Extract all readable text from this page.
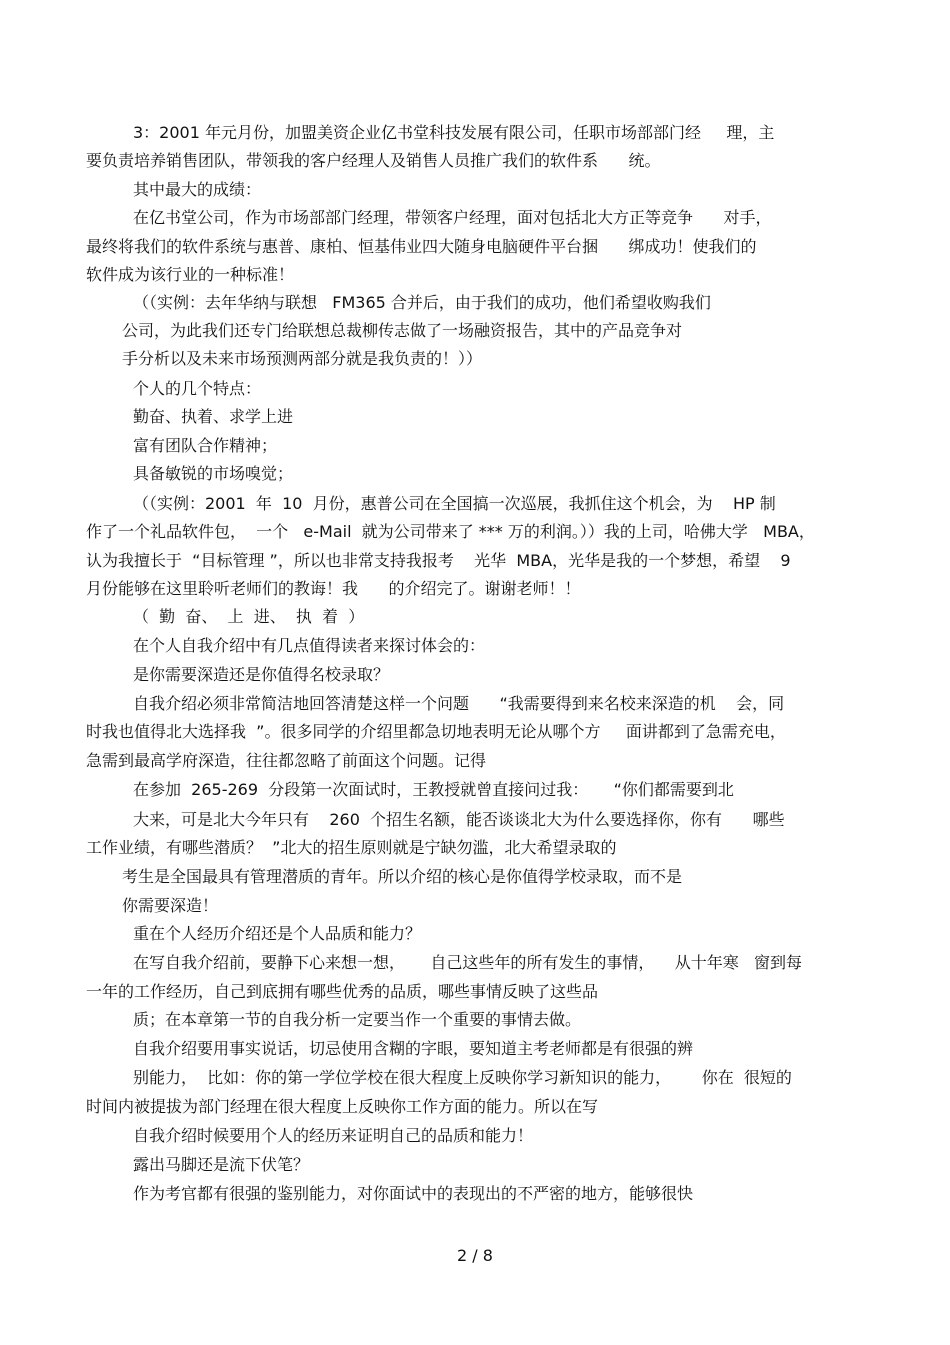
3：2001 年元月份，加盟美资企业亿书堂科技发展有限公司，任职市场部部门经     理，主
要负责培养销售团队，带领我的客户经理人及销售人员推广我们的软件系      统。
其中最大的成绩：
在亿书堂公司，作为市场部部门经理，带领客户经理，面对包括北大方正等竞争      对手，
最终将我们的软件系统与惠普、康柏、恒基伟业四大随身电脑硬件平台捆      绑成功！使我们的
软件成为该行业的一种标准！
（（实例：去年华纳与联想   FM365 合并后，由于我们的成功，他们希望收购我们
公司，为此我们还专门给联想总裁柳传志做了一场融资报告，其中的产品竞争对
手分析以及未来市场预测两部分就是我负责的！））
个人的几个特点：
勤奋、执着、求学上进
富有团队合作精神；
具备敏锐的市场嗅觉；
（（实例：2001  年  10  月份，惠普公司在全国搞一次巡展，我抓住这个机会，为    HP 制
作了一个礼品软件包，  一个   e-Mail  就为公司带来了 *** 万的利润。））我的上司，哈佛大学   MBA，
认为我擅长于  “目标管理 ”，所以也非常支持我报考    光华  MBA，光华是我的一个梦想，希望    9
月份能够在这里聆听老师们的教诲！我      的介绍完了。谢谢老师！！
（  勤  奋、  上  进、  执  着  ）
在个人自我介绍中有几点值得读者来探讨体会的：
是你需要深造还是你值得名校录取？
自我介绍必须非常简洁地回答清楚这样一个问题      “我需要得到来名校来深造的机    会，同
时我也值得北大选择我  ”。很多同学的介绍里都急切地表明无论从哪个方     面讲都到了急需充电，
急需到最高学府深造，往往都忽略了前面这个问题。记得
在参加  265-269  分段第一次面试时，王教授就曾直接问过我：     “你们都需要到北
大来，可是北大今年只有    260  个招生名额，能否谈谈北大为什么要选择你，你有      哪些
工作业绩，有哪些潜质？  ”北大的招生原则就是宁缺勿滥，北大希望录取的
考生是全国最具有管理潜质的青年。所以介绍的核心是你值得学校录取，而不是
你需要深造！
重在个人经历介绍还是个人品质和能力？
在写自我介绍前，要静下心来想一想，     自己这些年的所有发生的事情，    从十年寒   窗到每
一年的工作经历，自己到底拥有哪些优秀的品质，哪些事情反映了这些品
质；在本章第一节的自我分析一定要当作一个重要的事情去做。
自我介绍要用事实说话，切忌使用含糊的字眼，要知道主考老师都是有很强的辨
别能力，  比如：你的第一学位学校在很大程度上反映你学习新知识的能力，      你在  很短的
时间内被提拔为部门经理在很大程度上反映你工作方面的能力。所以在写
自我介绍时候要用个人的经历来证明自己的品质和能力！
露出马脚还是流下伏笔？
作为考官都有很强的鉴别能力，对你面试中的表现出的不严密的地方，能够很快
2 / 8
